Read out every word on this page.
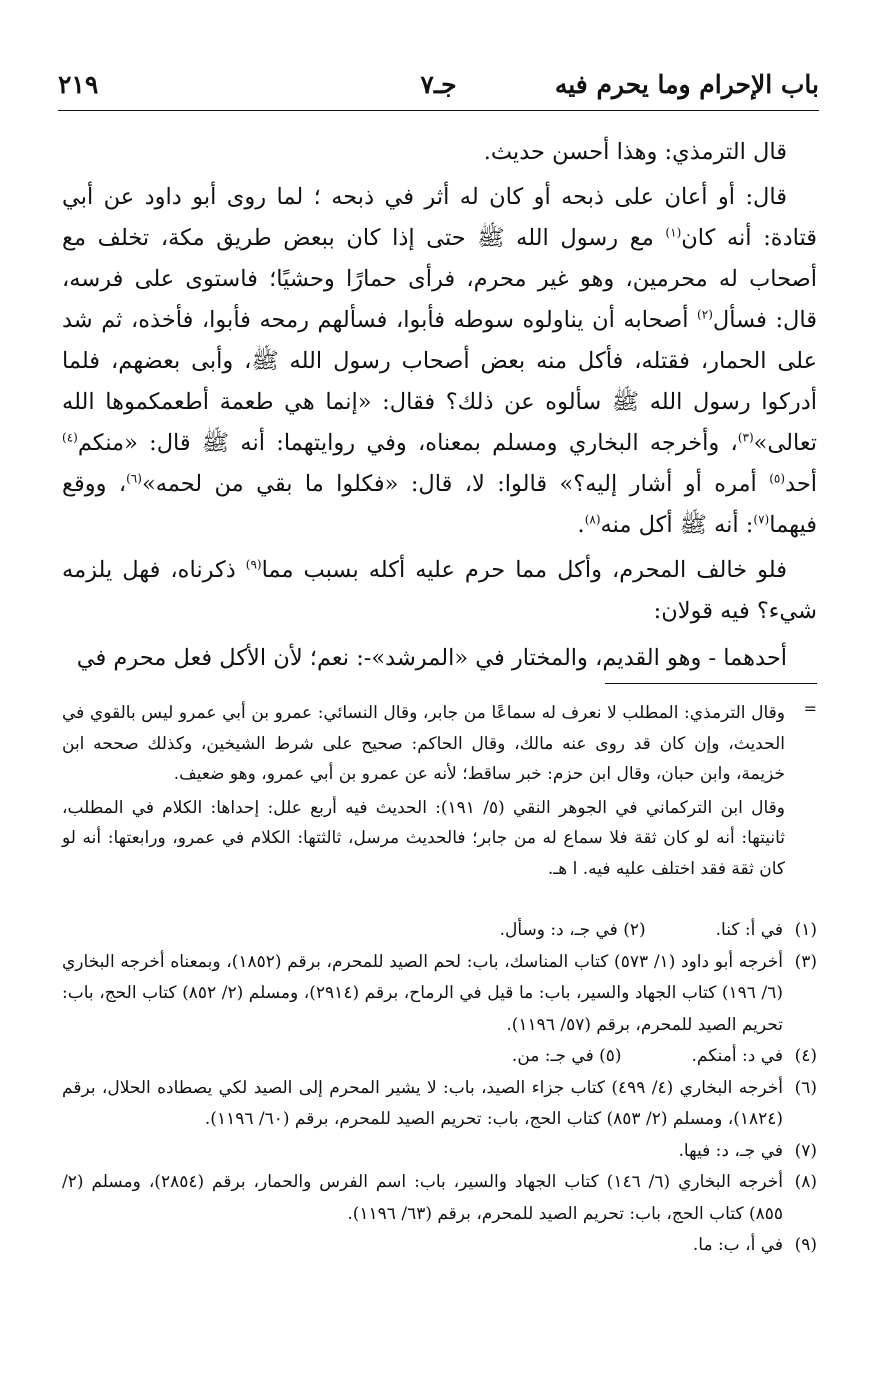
باب الإحرام وما يحرم فيه
جـ٧
٢١٩

قال الترمذي: وهذا أحسن حديث.

قال: أو أعان على ذبحه أو كان له أثر في ذبحه ؛ لما روى أبو داود عن أبي قتادة: أنه كان$^{(١)}$ مع رسول الله ﷺ حتى إذا كان ببعض طريق مكة، تخلف مع أصحاب له محرمين، وهو غير محرم، فرأى حمارًا وحشيًا؛ فاستوى على فرسه، قال: فسأل$^{(٢)}$ أصحابه أن يناولوه سوطه فأبوا، فسألهم رمحه فأبوا، فأخذه، ثم شد على الحمار، فقتله، فأكل منه بعض أصحاب رسول الله ﷺ، وأبى بعضهم، فلما أدركوا رسول الله ﷺ سألوه عن ذلك؟ فقال: «إنما هي طعمة أطعمكموها الله تعالى»$^{(٣)}$، وأخرجه البخاري ومسلم بمعناه، وفي روايتهما: أنه ﷺ قال: «منكم$^{(٤)}$ أحد$^{(٥)}$ أمره أو أشار إليه؟» قالوا: لا، قال: «فكلوا ما بقي من لحمه»$^{(٦)}$، ووقع فيهما$^{(٧)}$: أنه ﷺ أكل منه$^{(٨)}$.

فلو خالف المحرم، وأكل مما حرم عليه أكله بسبب مما$^{(٩)}$ ذكرناه، فهل يلزمه شيء؟ فيه قولان:

أحدهما - وهو القديم، والمختار في «المرشد»-: نعم؛ لأن الأكل فعل محرم في

=

وقال الترمذي: المطلب لا نعرف له سماعًا من جابر، وقال النسائي: عمرو بن أبي عمرو ليس بالقوي في الحديث، وإن كان قد روى عنه مالك، وقال الحاكم: صحيح على شرط الشيخين، وكذلك صححه ابن خزيمة، وابن حبان، وقال ابن حزم: خبر ساقط؛ لأنه عن عمرو بن أبي عمرو، وهو ضعيف.

وقال ابن التركماني في الجوهر النقي (٥/ ١٩١): الحديث فيه أربع علل: إحداها: الكلام في المطلب، ثانيتها: أنه لو كان ثقة فلا سماع له من جابر؛ فالحديث مرسل، ثالثتها: الكلام في عمرو، ورابعتها: أنه لو كان ثقة فقد اختلف عليه فيه. ا هـ.

(١)
في أ: كنا.(٢) في جـ، د: وسأل.
(٣)
أخرجه أبو داود (١/ ٥٧٣) كتاب المناسك، باب: لحم الصيد للمحرم، برقم (١٨٥٢)، وبمعناه أخرجه البخاري (٦/ ١٩٦) كتاب الجهاد والسير، باب: ما قيل في الرماح، برقم (٢٩١٤)، ومسلم (٢/ ٨٥٢) كتاب الحج، باب: تحريم الصيد للمحرم، برقم (٥٧/ ١١٩٦).
(٤)
في د: أمنكم.(٥) في جـ: من.
(٦)
أخرجه البخاري (٤/ ٤٩٩) كتاب جزاء الصيد، باب: لا يشير المحرم إلى الصيد لكي يصطاده الحلال، برقم (١٨٢٤)، ومسلم (٢/ ٨٥٣) كتاب الحج، باب: تحريم الصيد للمحرم، برقم (٦٠/ ١١٩٦).
(٧)
في جـ، د: فيها.
(٨)
أخرجه البخاري (٦/ ١٤٦) كتاب الجهاد والسير، باب: اسم الفرس والحمار، برقم (٢٨٥٤)، ومسلم (٢/ ٨٥٥) كتاب الحج، باب: تحريم الصيد للمحرم، برقم (٦٣/ ١١٩٦).
(٩)
في أ، ب: ما.
